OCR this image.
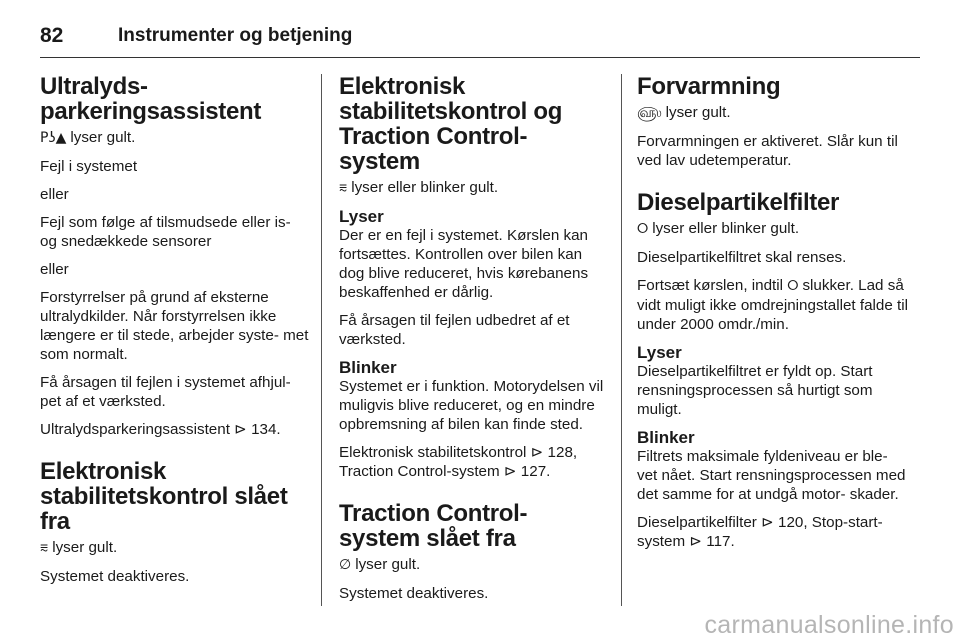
82	Instrumenter og betjening
Ultralyds-parkeringsassistent

Pʖ▲ lyser gult.

Fejl i systemet

eller

Fejl som følge af tilsmudsede eller is- og snedækkede sensorer

eller

Forstyrrelser på grund af eksterne ultralydkilder. Når forstyrrelsen ikke længere er til stede, arbejder syste- met som normalt.

Få årsagen til fejlen i systemet afhjul- pet af et værksted.

Ultralydsparkeringsassistent ⊳ 134.

Elektronisk stabilitetskontrol slået fra

⩳ lyser gult.

Systemet deaktiveres.

Elektronisk stabilitetskontrol og Traction Control-system

⩳ lyser eller blinker gult.

Lyser

Der er en fejl i systemet. Kørslen kan fortsættes. Kontrollen over bilen kan dog blive reduceret, hvis kørebanens beskaffenhed er dårlig.

Få årsagen til fejlen udbedret af et værksted.

Blinker

Systemet er i funktion. Motorydelsen vil muligvis blive reduceret, og en mindre opbremsning af bilen kan finde sted.

Elektronisk stabilitetskontrol ⊳ 128, Traction Control-system ⊳ 127.

Traction Control-system slået fra

∅ lyser gult.

Systemet deaktiveres.

Forvarmning

௵ lyser gult.

Forvarmningen er aktiveret. Slår kun til ved lav udetemperatur.

Dieselpartikelfilter

⭘ lyser eller blinker gult.

Dieselpartikelfiltret skal renses.

Fortsæt kørslen, indtil ⭘ slukker. Lad så vidt muligt ikke omdrejningstallet falde til under 2000 omdr./min.

Lyser

Dieselpartikelfiltret er fyldt op. Start rensningsprocessen så hurtigt som muligt.

Blinker

Filtrets maksimale fyldeniveau er ble- vet nået. Start rensningsprocessen med det samme for at undgå motor- skader.

Dieselpartikelfilter ⊳ 120, Stop-start- system ⊳ 117.

carmanualsonline.info
